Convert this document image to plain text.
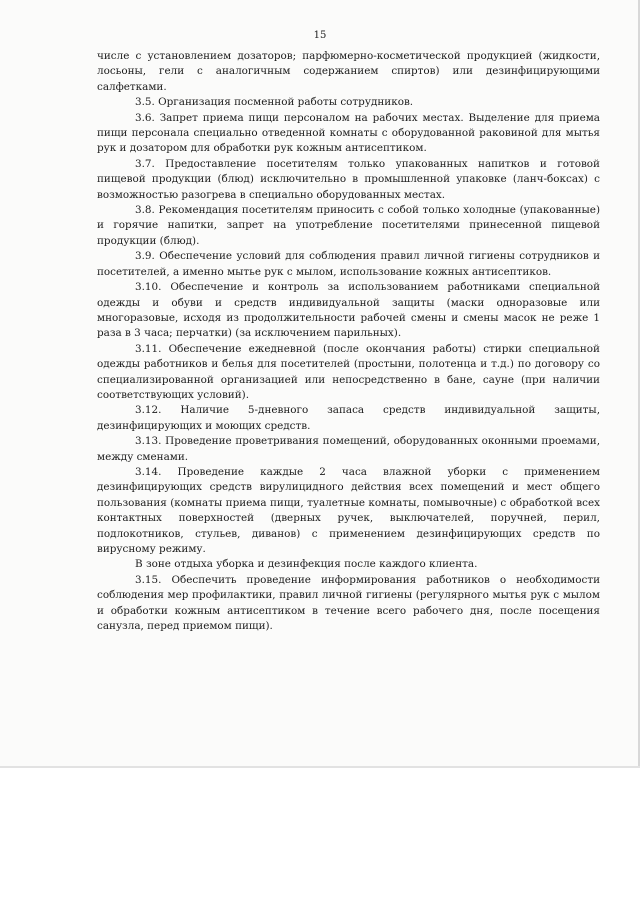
15

числе с установлением дозаторов; парфюмерно-косметической продукцией (жидкости, лосьоны, гели с аналогичным содержанием спиртов) или дезинфицирующими салфетками.

3.5. Организация посменной работы сотрудников.

3.6. Запрет приема пищи персоналом на рабочих местах. Выделение для приема пищи персонала специально отведенной комнаты с оборудованной раковиной для мытья рук и дозатором для обработки рук кожным антисептиком.

3.7. Предоставление посетителям только упакованных напитков и готовой пищевой продукции (блюд) исключительно в промышленной упаковке (ланч-боксах) с возможностью разогрева в специально оборудованных местах.

3.8. Рекомендация посетителям приносить с собой только холодные (упакованные) и горячие напитки, запрет на употребление посетителями принесенной пищевой продукции (блюд).

3.9. Обеспечение условий для соблюдения правил личной гигиены сотрудников и посетителей, а именно мытье рук с мылом, использование кожных антисептиков.

3.10. Обеспечение и контроль за использованием работниками специальной одежды и обуви и средств индивидуальной защиты (маски одноразовые или многоразовые, исходя из продолжительности рабочей смены и смены масок не реже 1 раза в 3 часа; перчатки) (за исключением парильных).

3.11. Обеспечение ежедневной (после окончания работы) стирки специальной одежды работников и белья для посетителей (простыни, полотенца и т.д.) по договору со специализированной организацией или непосредственно в бане, сауне (при наличии соответствующих условий).

3.12. Наличие 5-дневного запаса средств индивидуальной защиты, дезинфицирующих и моющих средств.

3.13. Проведение проветривания помещений, оборудованных оконными проемами, между сменами.

3.14. Проведение каждые 2 часа влажной уборки с применением дезинфицирующих средств вирулицидного действия всех помещений и мест общего пользования (комнаты приема пищи, туалетные комнаты, помывочные) с обработкой всех контактных поверхностей (дверных ручек, выключателей, поручней, перил, подлокотников, стульев, диванов) с применением дезинфицирующих средств по вирусному режиму.

В зоне отдыха уборка и дезинфекция после каждого клиента.

3.15. Обеспечить проведение информирования работников о необходимости соблюдения мер профилактики, правил личной гигиены (регулярного мытья рук с мылом и обработки кожным антисептиком в течение всего рабочего дня, после посещения санузла, перед приемом пищи).
